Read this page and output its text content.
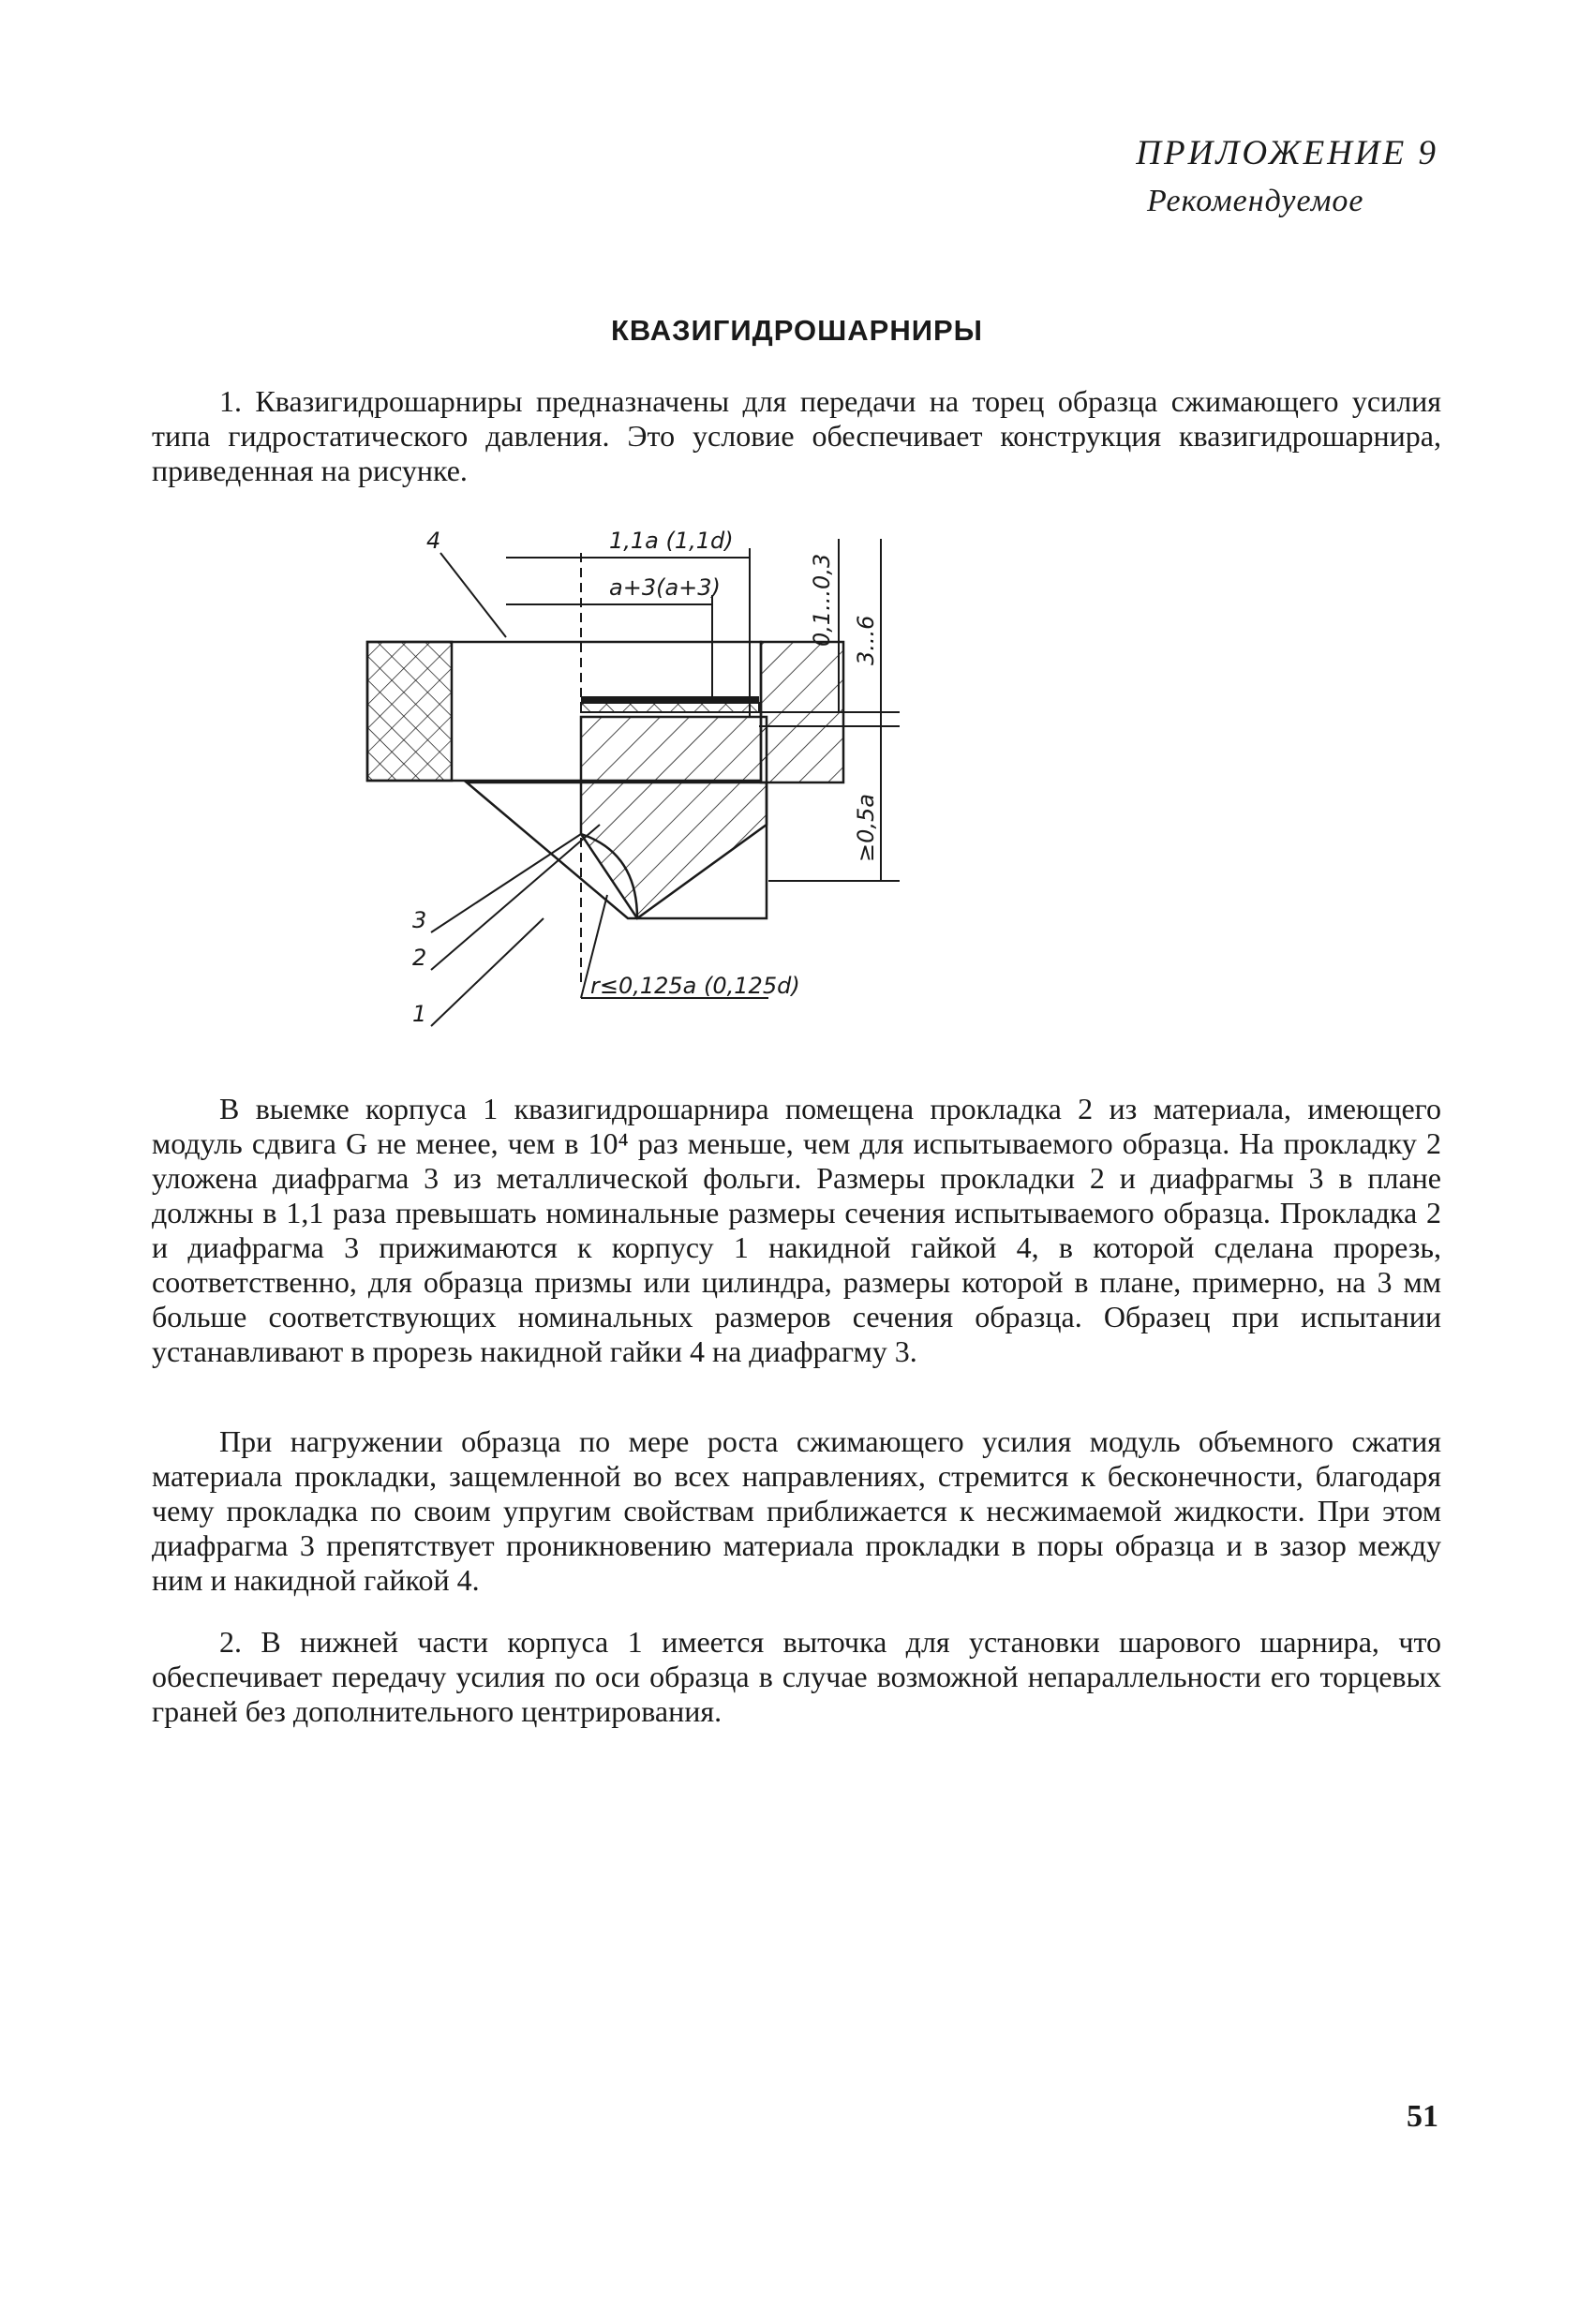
ПРИЛОЖЕНИЕ 9
Рекомендуемое
КВАЗИГИДРОШАРНИРЫ

1. Квазигидрошарниры предназначены для передачи на торец образца сжимающего усилия типа гидростатического давления. Это условие обеспечивает конструкция квазигидрошарнира, приведенная на рисунке.

1,1a (1,1d)
a+3(a+3)	0,1...0,3 3...6
≥0,5a
r≤0,125a (0,125d)
4
3
2
1

В выемке корпуса 1 квазигидрошарнира помещена прокладка 2 из материала, имеющего модуль сдвига G не менее, чем в 10⁴ раз меньше, чем для испытываемого образца. На прокладку 2 уложена диафрагма 3 из металлической фольги. Размеры прокладки 2 и диафрагмы 3 в плане должны в 1,1 раза превышать номинальные размеры сечения испытываемого образца. Прокладка 2 и диафрагма 3 прижимаются к корпусу 1 накидной гайкой 4, в которой сделана прорезь, соответственно, для образца призмы или цилиндра, размеры которой в плане, примерно, на 3 мм больше соответствующих номинальных размеров сечения образца. Образец при испытании устанавливают в прорезь накидной гайки 4 на диафрагму 3.

При нагружении образца по мере роста сжимающего усилия модуль объемного сжатия материала прокладки, защемленной во всех направлениях, стремится к бесконечности, благодаря чему прокладка по своим упругим свойствам приближается к несжимаемой жидкости. При этом диафрагма 3 препятствует проникновению материала прокладки в поры образца и в зазор между ним и накидной гайкой 4.

2. В нижней части корпуса 1 имеется выточка для установки шарового шарнира, что обеспечивает передачу усилия по оси образца в случае возможной непараллельности его торцевых граней без дополнительного центрирования.

51
